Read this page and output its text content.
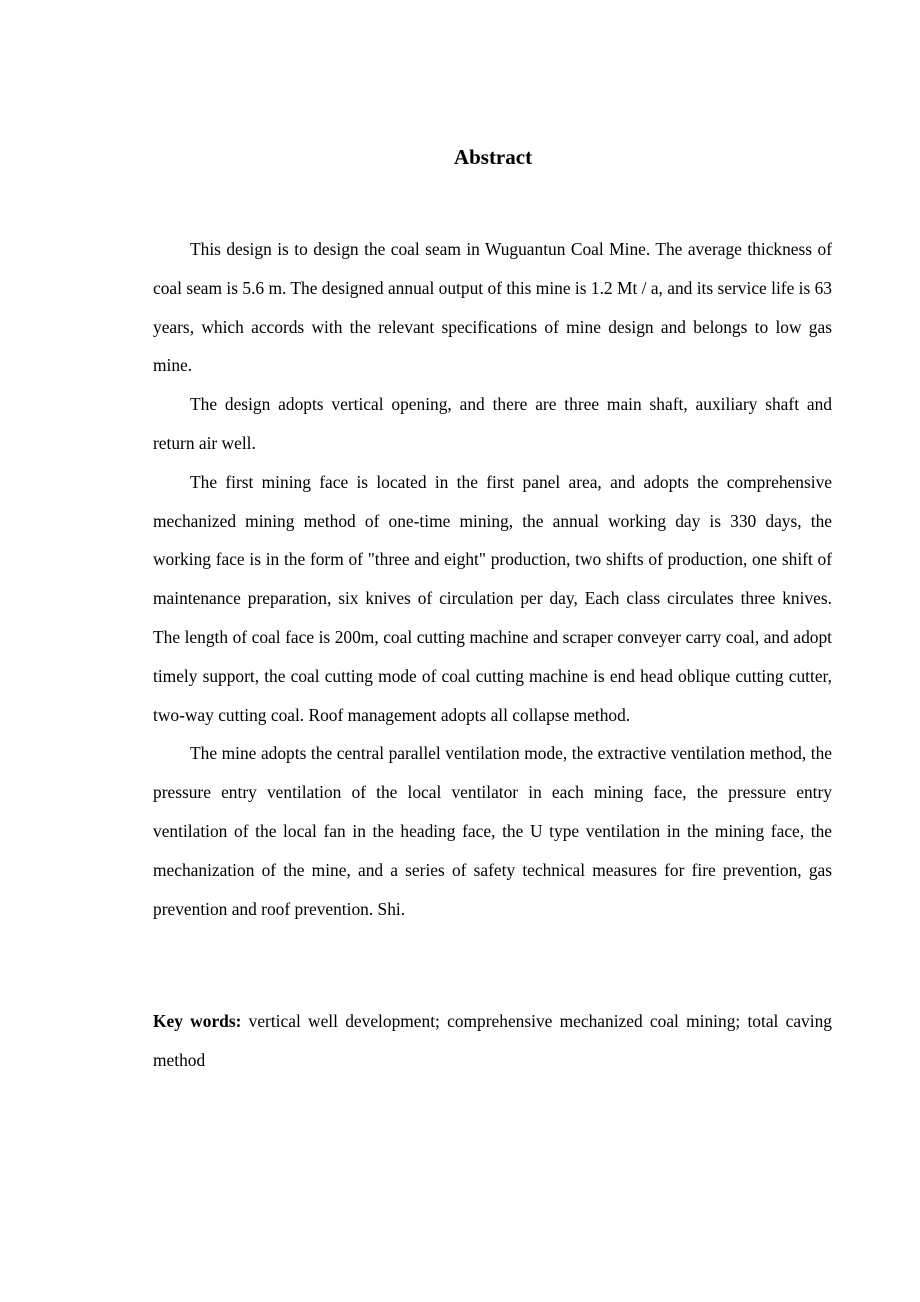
Abstract

This design is to design the coal seam in Wuguantun Coal Mine. The average thickness of coal seam is 5.6 m. The designed annual output of this mine is 1.2 Mt / a, and its service life is 63 years, which accords with the relevant specifications of mine design and belongs to low gas mine.

The design adopts vertical opening, and there are three main shaft, auxiliary shaft and return air well.

The first mining face is located in the first panel area, and adopts the comprehensive mechanized mining method of one-time mining, the annual working day is 330 days, the working face is in the form of "three and eight" production, two shifts of production, one shift of maintenance preparation, six knives of circulation per day, Each class circulates three knives. The length of coal face is 200m, coal cutting machine and scraper conveyer carry coal, and adopt timely support, the coal cutting mode of coal cutting machine is end head oblique cutting cutter, two-way cutting coal. Roof management adopts all collapse method.

The mine adopts the central parallel ventilation mode, the extractive ventilation method, the pressure entry ventilation of the local ventilator in each mining face, the pressure entry ventilation of the local fan in the heading face, the U type ventilation in the mining face, the mechanization of the mine, and a series of safety technical measures for fire prevention, gas prevention and roof prevention. Shi.

Key words: vertical well development; comprehensive mechanized coal mining; total caving method
